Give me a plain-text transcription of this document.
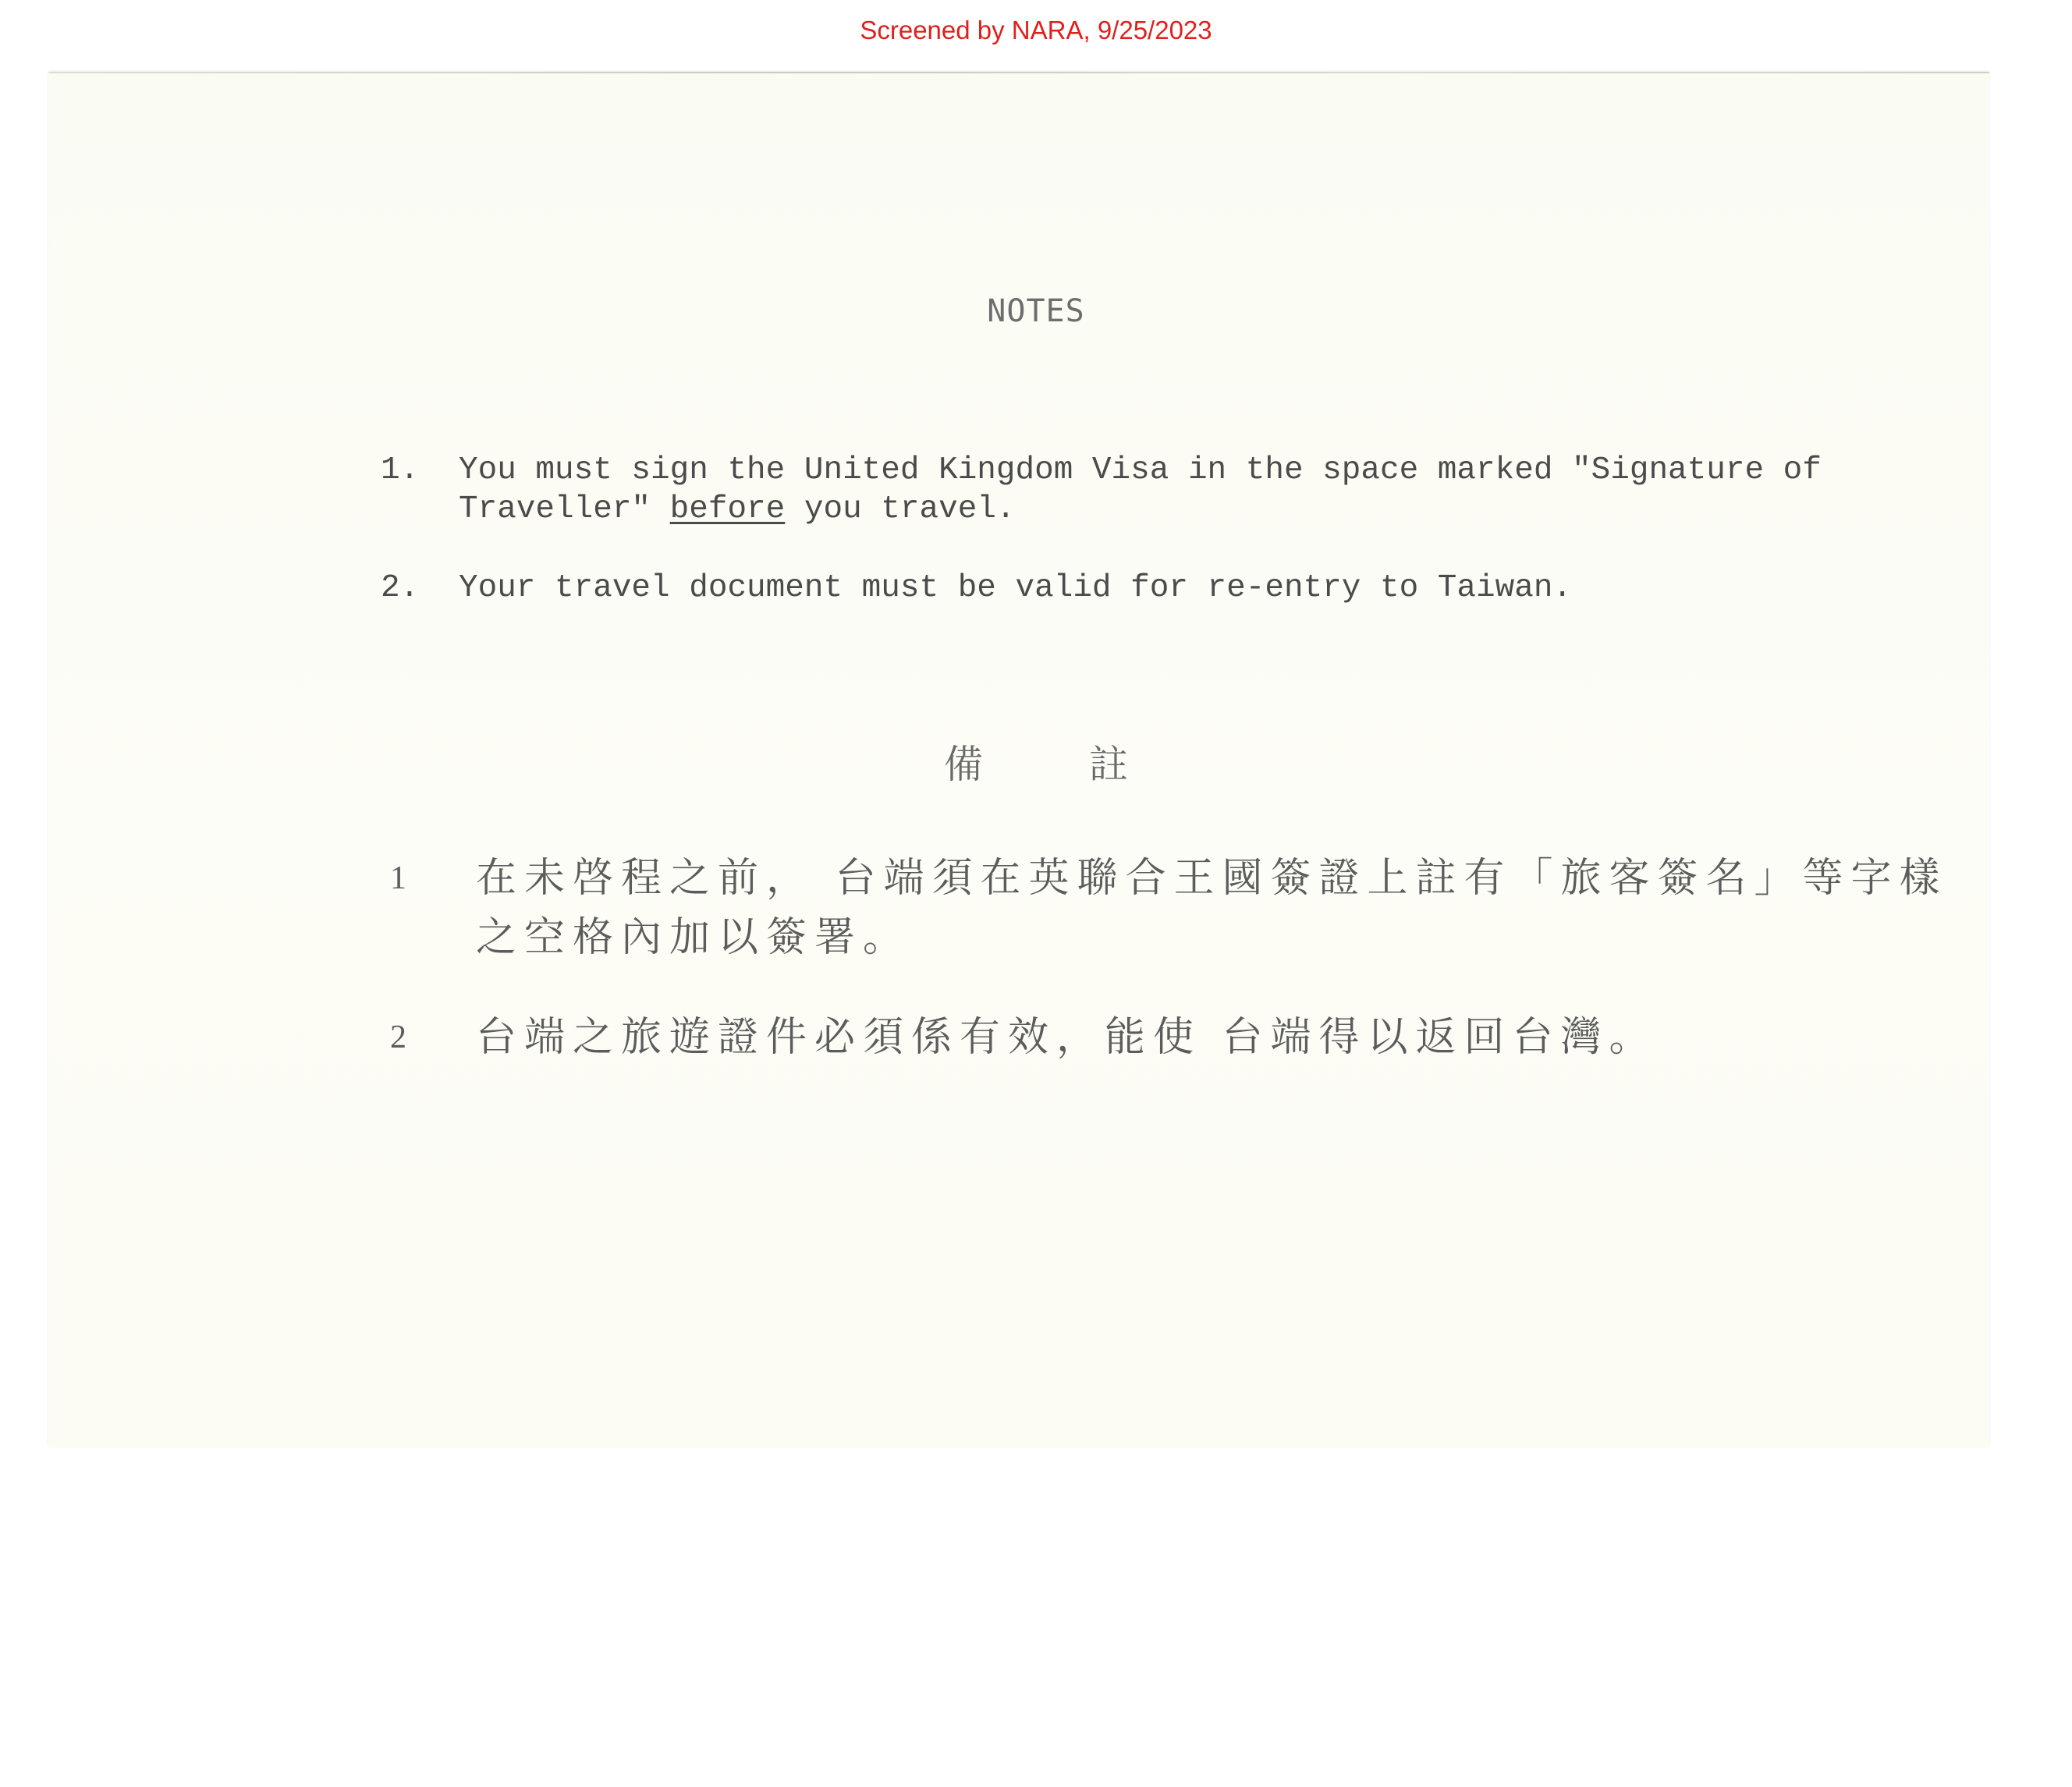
Screened by NARA, 9/25/2023
NOTES
1. You must sign the United Kingdom Visa in the space marked "Signature of
Traveller" before you travel.
2. Your travel document must be valid for re-entry to Taiwan.
備 註
1 在未啓程之前， 台端須在英聯合王國簽證上註有「旅客簽名」等字樣之空格內加以簽署。
2 台端之旅遊證件必須係有效，能使 台端得以返回台灣。
